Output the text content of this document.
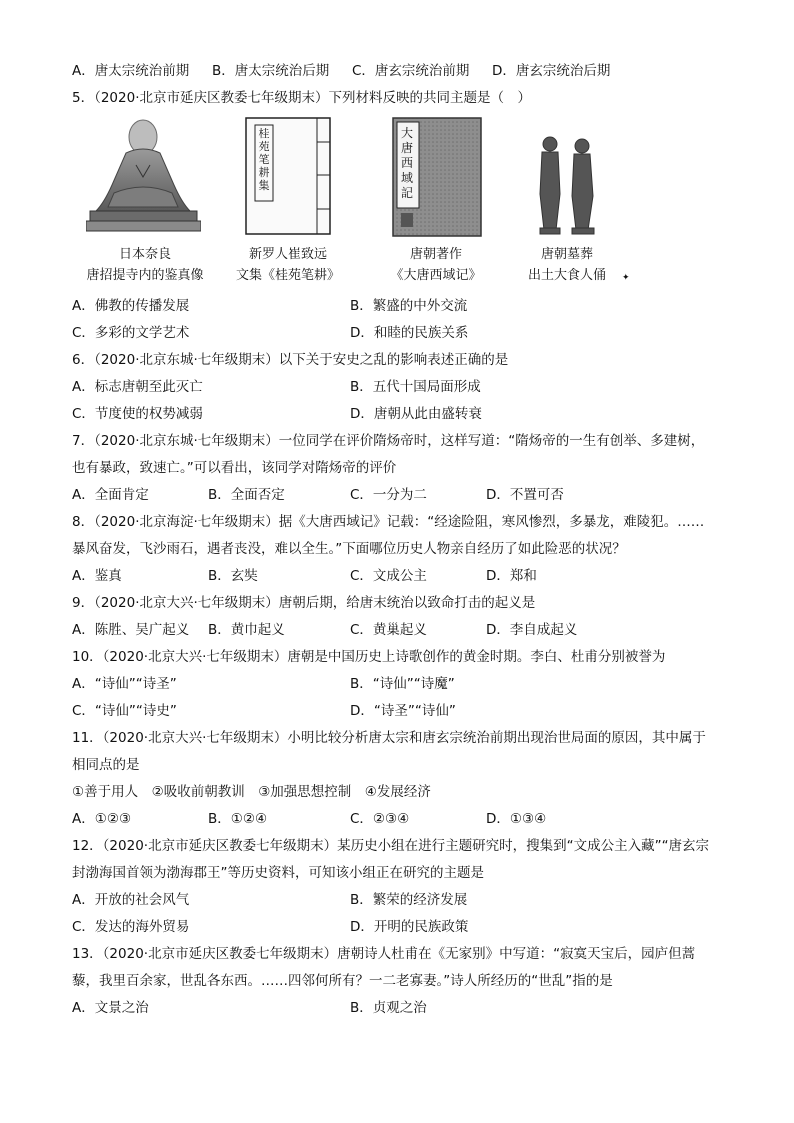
A．唐太宗统治前期 B．唐太宗统治后期 C．唐玄宗统治前期 D．唐玄宗统治后期
5．（2020·北京市延庆区教委七年级期末）下列材料反映的共同主题是（　）
桂苑笔耕集
大唐西域記
日本奈良
唐招提寺内的鉴真像
新罗人崔致远
文集《桂苑笔耕》
唐朝著作
《大唐西域记》
唐朝墓葬
出土大食人俑	✦
A．佛教的传播发展	B．繁盛的中外交流
C．多彩的文学艺术	D．和睦的民族关系
6．（2020·北京东城·七年级期末）以下关于安史之乱的影响表述正确的是
A．标志唐朝至此灭亡	B．五代十国局面形成
C．节度使的权势减弱	D．唐朝从此由盛转衰
7．（2020·北京东城·七年级期末）一位同学在评价隋炀帝时，这样写道：“隋炀帝的一生有创举、多建树，
也有暴政，致速亡。”可以看出，该同学对隋炀帝的评价
A．全面肯定	B．全面否定	C．一分为二	D．不置可否
8．（2020·北京海淀·七年级期末）据《大唐西域记》记载：“经途险阻，寒风惨烈，多暴龙，难陵犯。……
暴风奋发，飞沙雨石，遇者丧没，难以全生。”下面哪位历史人物亲自经历了如此险恶的状况？
A．鉴真	B．玄奘	C．文成公主	D．郑和
9．（2020·北京大兴·七年级期末）唐朝后期，给唐末统治以致命打击的起义是
A．陈胜、吴广起义 B．黄巾起义	C．黄巢起义	D．李自成起义
10．（2020·北京大兴·七年级期末）唐朝是中国历史上诗歌创作的黄金时期。李白、杜甫分别被誉为
A．“诗仙”“诗圣”	B．“诗仙”“诗魔”
C．“诗仙”“诗史”	D．“诗圣”“诗仙”
11．（2020·北京大兴·七年级期末）小明比较分析唐太宗和唐玄宗统治前期出现治世局面的原因，其中属于
相同点的是
①善于用人　②吸收前朝教训　③加强思想控制　④发展经济
A．①②③	B．①②④	C．②③④	D．①③④
12．（2020·北京市延庆区教委七年级期末）某历史小组在进行主题研究时，搜集到“文成公主入藏”“唐玄宗
封渤海国首领为渤海郡王”等历史资料，可知该小组正在研究的主题是
A．开放的社会风气	B．繁荣的经济发展
C．发达的海外贸易	D．开明的民族政策
13．（2020·北京市延庆区教委七年级期末）唐朝诗人杜甫在《无家别》中写道：“寂寞天宝后，园庐但蒿
藜，我里百余家，世乱各东西。……四邻何所有？一二老寡妻。”诗人所经历的“世乱”指的是
A．文景之治	B．贞观之治
